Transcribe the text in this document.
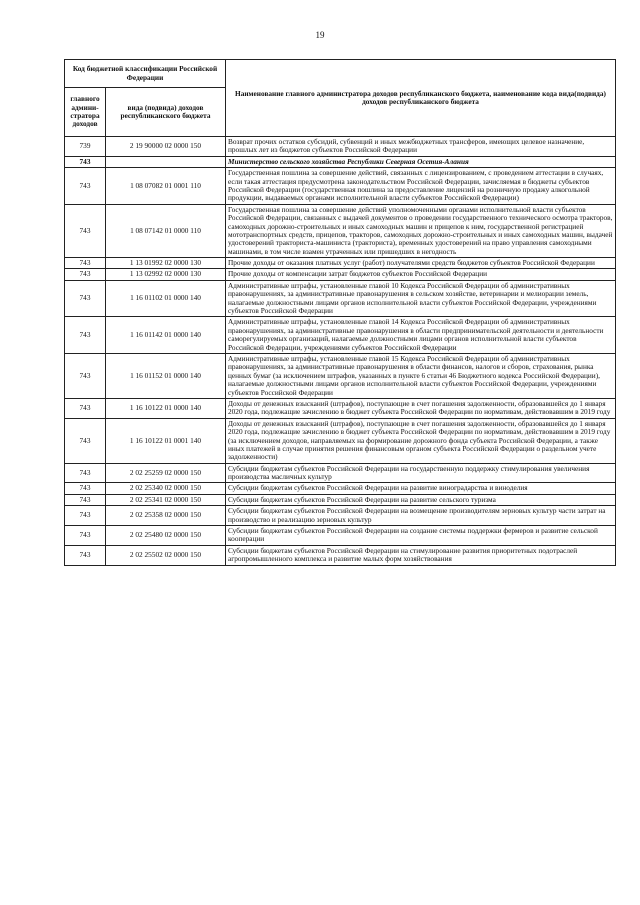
19
Код бюджетной классификации Российской Федерации		Наименование главного администратора доходов республиканского бюджета, наименование кода вида(подвида) доходов республиканского бюджета
главного админи-стратора доходов	вида (подвида) доходов республиканского бюджета	
739	2 19 90000 02 0000 150	Возврат прочих остатков субсидий, субвенций и иных межбюджетных трансферов, имеющих целевое назначение, прошлых лет из бюджетов субъектов Российской Федерации
743		Министерство сельского хозяйства Республики Северная Осетия-Алания
743	1 08 07082 01 0001 110	Государственная пошлина за совершение действий, связанных с лицензированием, с проведением аттестации в случаях, если такая аттестация предусмотрена законодательством Российской Федерации, зачисляемая в бюджеты субъектов Российской Федерации (государственная пошлина за предоставление лицензий на розничную продажу алкогольной продукции, выдаваемых органами исполнительной власти субъектов Российской Федерации)
743	1 08 07142 01 0000 110	Государственная пошлина за совершение действий уполномоченными органами исполнительной власти субъектов Российской Федерации, связанных с выдачей документов о проведении государственного технического осмотра тракторов, самоходных дорожно-строительных и иных самоходных машин и прицепов к ним, государственной регистрацией мототранспортных средств, прицепов, тракторов, самоходных дорожно-строительных и иных самоходных машин, выдачей удостоверений тракториста-машиниста (тракториста), временных удостоверений на право управления самоходными машинами, в том числе взамен утраченных или пришедших в негодность
743	1 13 01992 02 0000 130	Прочие доходы от оказания платных услуг (работ) получателями средств бюджетов субъектов Российской Федерации
743	1 13 02992 02 0000 130	Прочие доходы от компенсации затрат бюджетов субъектов Российской Федерации
743	1 16 01102 01 0000 140	Административные штрафы, установленные главой 10 Кодекса Российской Федерации об административных правонарушениях, за административные правонарушения в сельском хозяйстве, ветеринарии и мелиорации земель, налагаемые должностными лицами органов исполнительной власти субъектов Российской Федерации, учреждениями субъектов Российской Федерации
743	1 16 01142 01 0000 140	Административные штрафы, установленные главой 14 Кодекса Российской Федерации об административных правонарушениях, за административные правонарушения в области предпринимательской деятельности и деятельности саморегулируемых организаций, налагаемые должностными лицами органов исполнительной власти субъектов Российской Федерации, учреждениями субъектов Российской Федерации
743	1 16 01152 01 0000 140	Административные штрафы, установленные главой 15 Кодекса Российской Федерации об административных правонарушениях, за административные правонарушения в области финансов, налогов и сборов, страхования, рынка ценных бумаг (за исключением штрафов, указанных в пункте 6 статьи 46 Бюджетного кодекса Российской Федерации), налагаемые должностными лицами органов исполнительной власти субъектов Российской Федерации, учреждениями субъектов Российской Федерации
743	1 16 10122 01 0000 140	Доходы от денежных взысканий (штрафов), поступающие в счет погашения задолженности, образовавшейся до 1 января 2020 года, подлежащие зачислению в бюджет субъекта Российской Федерации по нормативам, действовавшим в 2019 году
743	1 16 10122 01 0001 140	Доходы от денежных взысканий (штрафов), поступающие в счет погашения задолженности, образовавшейся до 1 января 2020 года, подлежащие зачислению в бюджет субъекта Российской Федерации по нормативам, действовавшим в 2019 году (за исключением доходов, направляемых на формирование дорожного фонда субъекта Российской Федерации, а также иных платежей в случае принятия решения финансовым органом субъекта Российской Федерации о раздельном учете задолженности)
743	2 02 25259 02 0000 150	Субсидии бюджетам субъектов Российской Федерации на государственную поддержку стимулирования увеличения производства масличных культур
743	2 02 25340 02 0000 150	Субсидии бюджетам субъектов Российской Федерации на развитие виноградарства и виноделия
743	2 02 25341 02 0000 150	Субсидии бюджетам субъектов Российской Федерации на развитие сельского туризма
743	2 02 25358 02 0000 150	Субсидии бюджетам субъектов Российской Федерации на возмещение производителям зерновых культур части затрат на производство и реализацию зерновых культур
743	2 02 25480 02 0000 150	Субсидии бюджетам субъектов Российской Федерации на создание системы поддержки фермеров и развитие сельской кооперации
743	2 02 25502 02 0000 150	Субсидии бюджетам субъектов Российской Федерации на стимулирование развития приоритетных подотраслей агропромышленного комплекса и развитие малых форм хозяйствования
